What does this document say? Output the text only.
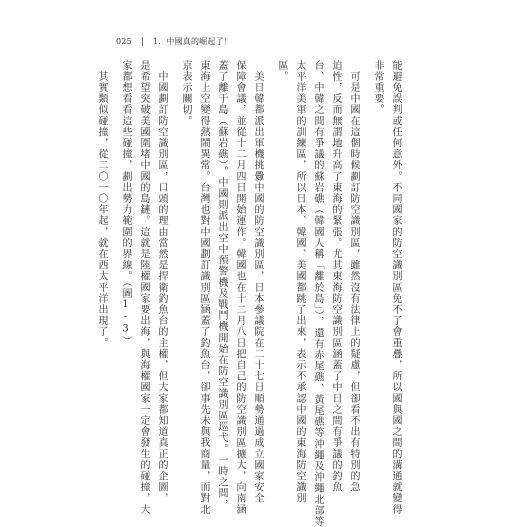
025	1．中國真的崛起了！
能避免誤判或任何意外。不同國家的防空識別區免不了會重疊，所以國與國之間的溝通就變得
非常重要。
　可是中國在這個時候劃訂防空識別區，雖然沒有法律上的疑慮，但卻看不出有特別的急
迫性，反而無謂地升高了東海的緊張。尤其東海防空識別區涵蓋了中日之間有爭議的釣魚
台、中韓之間有爭議的蘇岩礁（韓國人稱「離於島」），還有赤尾礁、黃尾礁等沖繩及沖繩北部等
太平洋美軍的訓練區，所以日本、韓國、美國都跳了出來，表示不承認中國的東海防空識別
區。
　美日韓都派出軍機挑釁中國的防空識別區，日本參議院在二十七日順勢通過成立國家安全
保障會議，並從十二月四日開始運作。韓國也在十二月八日把自己的防空識別區擴大，向南涵
蓋了離于島（蘇岩礁）。中國則派出空中預警機及戰鬥機開始在防空識別區巡弋。一時之間，
東海上空變得熱鬧異常。台灣也對中國劃訂識別區涵蓋了釣魚台，卻事先未與我商量，而對北
京表示關切。
　中國劃訂防空識別區，口頭的理由當然是捍衛釣魚台的主權，但大家都知道真正的企圖，
是希望突破美國圍堵中國的島鏈。這就是陸權國家要出海，與海權國家一定會發生的碰撞，大
家都想看看這些碰撞，劃出勢力範圍的界線。（圖1-3）
　其實類似碰撞，從二〇一〇年起，就在西太平洋出現了。
